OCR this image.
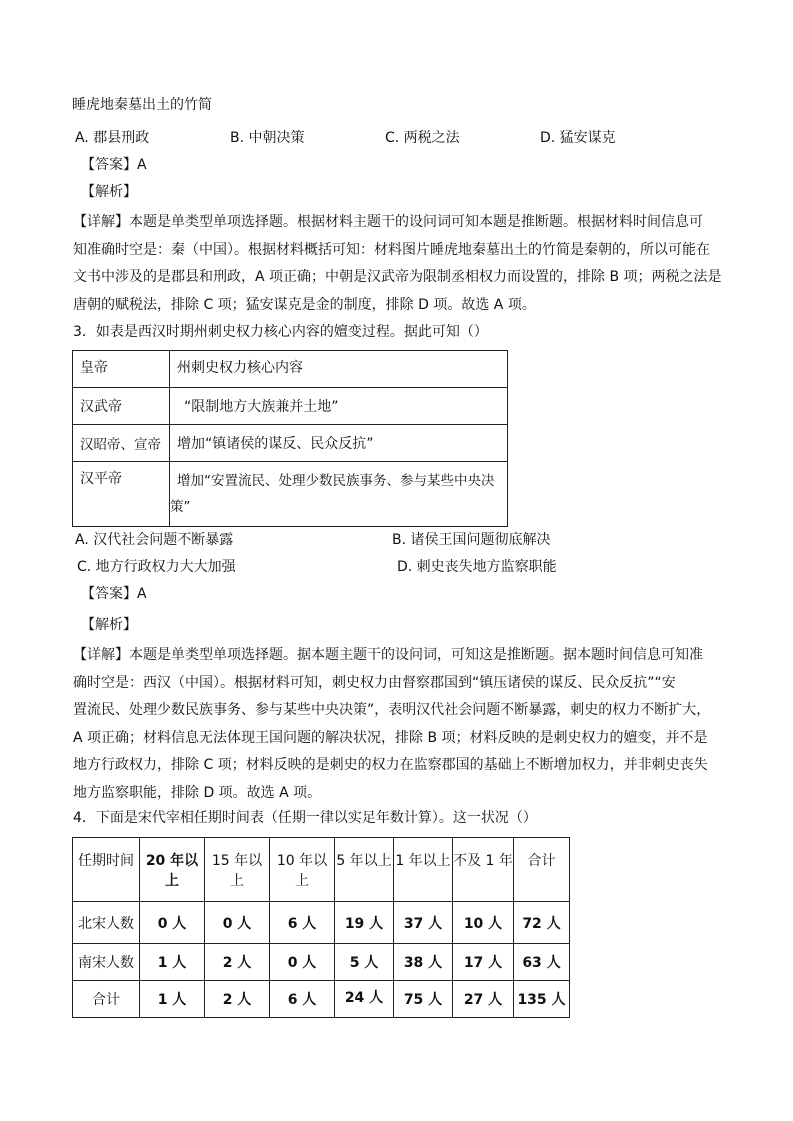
睡虎地秦墓出土的竹简
A. 郡县刑政	B. 中朝决策	C. 两税之法	D. 猛安谋克
【答案】A
【解析】
【详解】本题是单类型单项选择题。根据材料主题干的设问词可知本题是推断题。根据材料时间信息可
知准确时空是：秦（中国）。根据材料概括可知：材料图片睡虎地秦墓出土的竹简是秦朝的，所以可能在
文书中涉及的是郡县和刑政，A 项正确；中朝是汉武帝为限制丞相权力而设置的，排除 B 项；两税之法是
唐朝的赋税法，排除 C 项；猛安谋克是金的制度，排除 D 项。故选 A 项。
3．如表是西汉时期州刺史权力核心内容的嬗变过程。据此可知（）
皇帝	州刺史权力核心内容
汉武帝	“限制地方大族兼并土地”
汉昭帝、宣帝	增加“镇诸侯的谋反、民众反抗”
汉平帝	增加“安置流民、处理少数民族事务、参与某些中央决
策”
A. 汉代社会问题不断暴露	B. 诸侯王国问题彻底解决
C. 地方行政权力大大加强	D. 刺史丧失地方监察职能
【答案】A
【解析】
【详解】本题是单类型单项选择题。据本题主题干的设问词，可知这是推断题。据本题时间信息可知准
确时空是：西汉（中国）。根据材料可知，刺史权力由督察郡国到“镇压诸侯的谋反、民众反抗”“安
置流民、处理少数民族事务、参与某些中央决策”，表明汉代社会问题不断暴露，刺史的权力不断扩大，
A 项正确；材料信息无法体现王国问题的解决状况，排除 B 项；材料反映的是刺史权力的嬗变，并不是
地方行政权力，排除 C 项；材料反映的是刺史的权力在监察郡国的基础上不断增加权力，并非刺史丧失
地方监察职能，排除 D 项。故选 A 项。
4．下面是宋代宰相任期时间表（任期一律以实足年数计算）。这一状况（）
任期时间	20 年以上	15 年以上	10 年以上	5 年以上	1 年以上	不及 1 年	合计
北宋人数	0 人	0 人	6 人	19 人	37 人	10 人	72 人
南宋人数	1 人	2 人	0 人	5 人	38 人	17 人	63 人
合计	1 人	2 人	6 人	24 人	75 人	27 人	135 人
